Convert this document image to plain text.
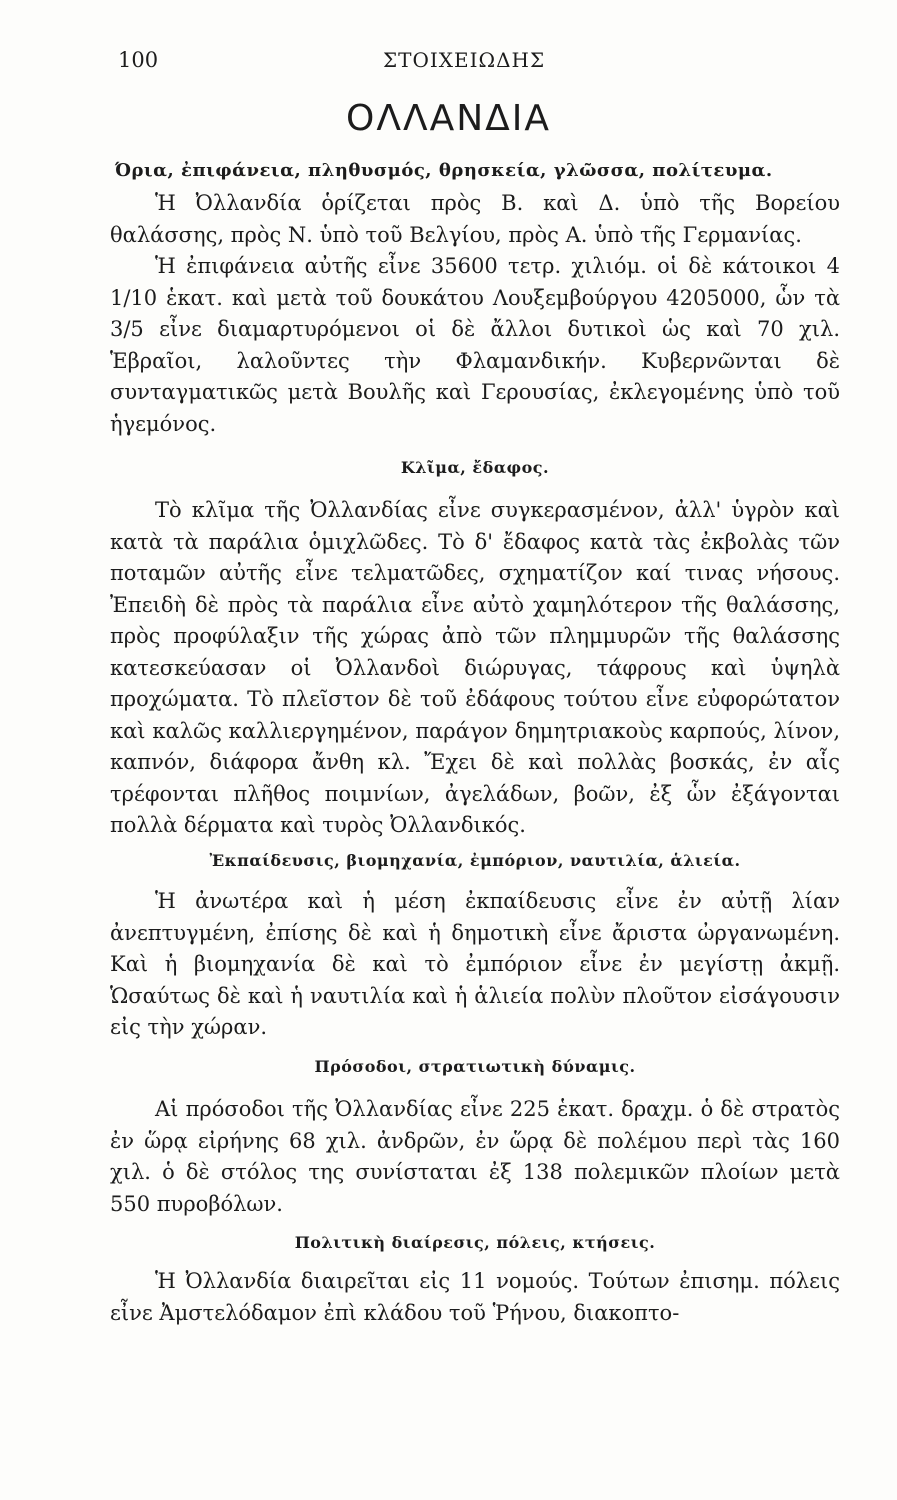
100	ΣΤΟΙΧΕΙΩΔΗΣ
ΟΛΛΑΝΔΙΑ
Όρια, ἐπιφάνεια, πληθυσμός, θρησκεία, γλῶσσα, πολίτευμα.

Ἡ Ὀλλανδία ὁρίζεται πρὸς Β. καὶ Δ. ὑπὸ τῆς Βορείου θαλάσσης, πρὸς Ν. ὑπὸ τοῦ Βελγίου, πρὸς Α. ὑπὸ τῆς Γερμανίας.

Ἡ ἐπιφάνεια αὐτῆς εἶνε 35600 τετρ. χιλιόμ. οἱ δὲ κάτοικοι 4 1/10 ἑκατ. καὶ μετὰ τοῦ δουκάτου Λουξεμβούργου 4205000, ὧν τὰ 3/5 εἶνε διαμαρτυρόμενοι οἱ δὲ ἄλλοι δυτικοὶ ὡς καὶ 70 χιλ. Ἑβραῖοι, λαλοῦντες τὴν Φλαμανδικήν. Κυβερνῶνται δὲ συνταγματικῶς μετὰ Βουλῆς καὶ Γερουσίας, ἐκλεγομένης ὑπὸ τοῦ ἡγεμόνος.

Κλῖμα, ἔδαφος.

Τὸ κλῖμα τῆς Ὀλλανδίας εἶνε συγκερασμένον, ἀλλ' ὑγρὸν καὶ κατὰ τὰ παράλια ὁμιχλῶδες. Τὸ δ' ἔδαφος κατὰ τὰς ἐκβολὰς τῶν ποταμῶν αὐτῆς εἶνε τελματῶδες, σχηματίζον καί τινας νήσους. Ἐπειδὴ δὲ πρὸς τὰ παράλια εἶνε αὐτὸ χαμηλότερον τῆς θαλάσσης, πρὸς προφύλαξιν τῆς χώρας ἀπὸ τῶν πλημμυρῶν τῆς θαλάσσης κατεσκεύασαν οἱ Ὀλλανδοὶ διώρυγας, τάφρους καὶ ὑψηλὰ προχώματα. Τὸ πλεῖστον δὲ τοῦ ἐδάφους τούτου εἶνε εὐφορώτατον καὶ καλῶς καλλιεργημένον, παράγον δημητριακοὺς καρπούς, λίνον, καπνόν, διάφορα ἄνθη κλ. Ἔχει δὲ καὶ πολλὰς βοσκάς, ἐν αἷς τρέφονται πλῆθος ποιμνίων, ἀγελάδων, βοῶν, ἐξ ὧν ἐξάγονται πολλὰ δέρματα καὶ τυρὸς Ὀλλανδικός.

Ἐκπαίδευσις, βιομηχανία, ἐμπόριον, ναυτιλία, ἁλιεία.

Ἡ ἀνωτέρα καὶ ἡ μέση ἐκπαίδευσις εἶνε ἐν αὐτῇ λίαν ἀνεπτυγμένη, ἐπίσης δὲ καὶ ἡ δημοτικὴ εἶνε ἄριστα ὠργανωμένη. Καὶ ἡ βιομηχανία δὲ καὶ τὸ ἐμπόριον εἶνε ἐν μεγίστῃ ἀκμῇ. Ὡσαύτως δὲ καὶ ἡ ναυτιλία καὶ ἡ ἁλιεία πολὺν πλοῦτον εἰσάγουσιν εἰς τὴν χώραν.

Πρόσοδοι, στρατιωτικὴ δύναμις.

Αἱ πρόσοδοι τῆς Ὀλλανδίας εἶνε 225 ἑκατ. δραχμ. ὁ δὲ στρατὸς ἐν ὥρᾳ εἰρήνης 68 χιλ. ἀνδρῶν, ἐν ὥρᾳ δὲ πολέμου περὶ τὰς 160 χιλ. ὁ δὲ στόλος της συνίσταται ἐξ 138 πολεμικῶν πλοίων μετὰ 550 πυροβόλων.

Πολιτικὴ διαίρεσις, πόλεις, κτήσεις.

Ἡ Ὀλλανδία διαιρεῖται εἰς 11 νομούς. Τούτων ἐπισημ. πόλεις εἶνε Ἀμστελόδαμον ἐπὶ κλάδου τοῦ Ῥήνου, διακοπτο-
